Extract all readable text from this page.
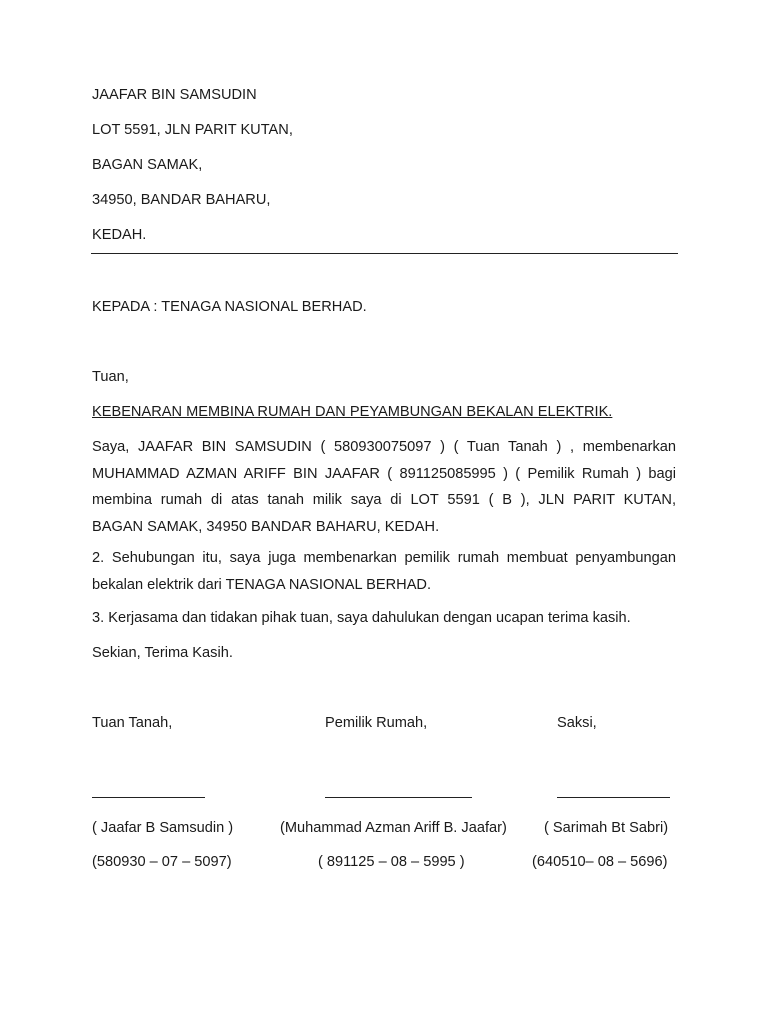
JAAFAR BIN SAMSUDIN
LOT 5591, JLN PARIT KUTAN,
BAGAN SAMAK,
34950, BANDAR BAHARU,
KEDAH.
KEPADA : TENAGA NASIONAL BERHAD.
Tuan,
KEBENARAN MEMBINA RUMAH DAN PEYAMBUNGAN BEKALAN ELEKTRIK.
Saya, JAAFAR BIN SAMSUDIN ( 580930075097 ) ( Tuan Tanah ) , membenarkan
MUHAMMAD AZMAN ARIFF BIN JAAFAR ( 891125085995 ) ( Pemilik Rumah ) bagi
membina rumah di atas tanah milik saya di LOT 5591 ( B ), JLN PARIT KUTAN,
BAGAN SAMAK, 34950 BANDAR BAHARU, KEDAH.
2. Sehubungan itu, saya juga membenarkan pemilik rumah membuat penyambungan
bekalan elektrik dari TENAGA NASIONAL BERHAD.
3. Kerjasama dan tidakan pihak tuan, saya dahulukan dengan ucapan terima kasih.
Sekian, Terima Kasih.
Tuan Tanah,	Pemilik Rumah,	Saksi,
( Jaafar B Samsudin )	(Muhammad Azman Ariff B. Jaafar)	( Sarimah Bt Sabri)
(580930 – 07 – 5097)	( 891125 – 08 – 5995 )	(640510– 08 – 5696)
